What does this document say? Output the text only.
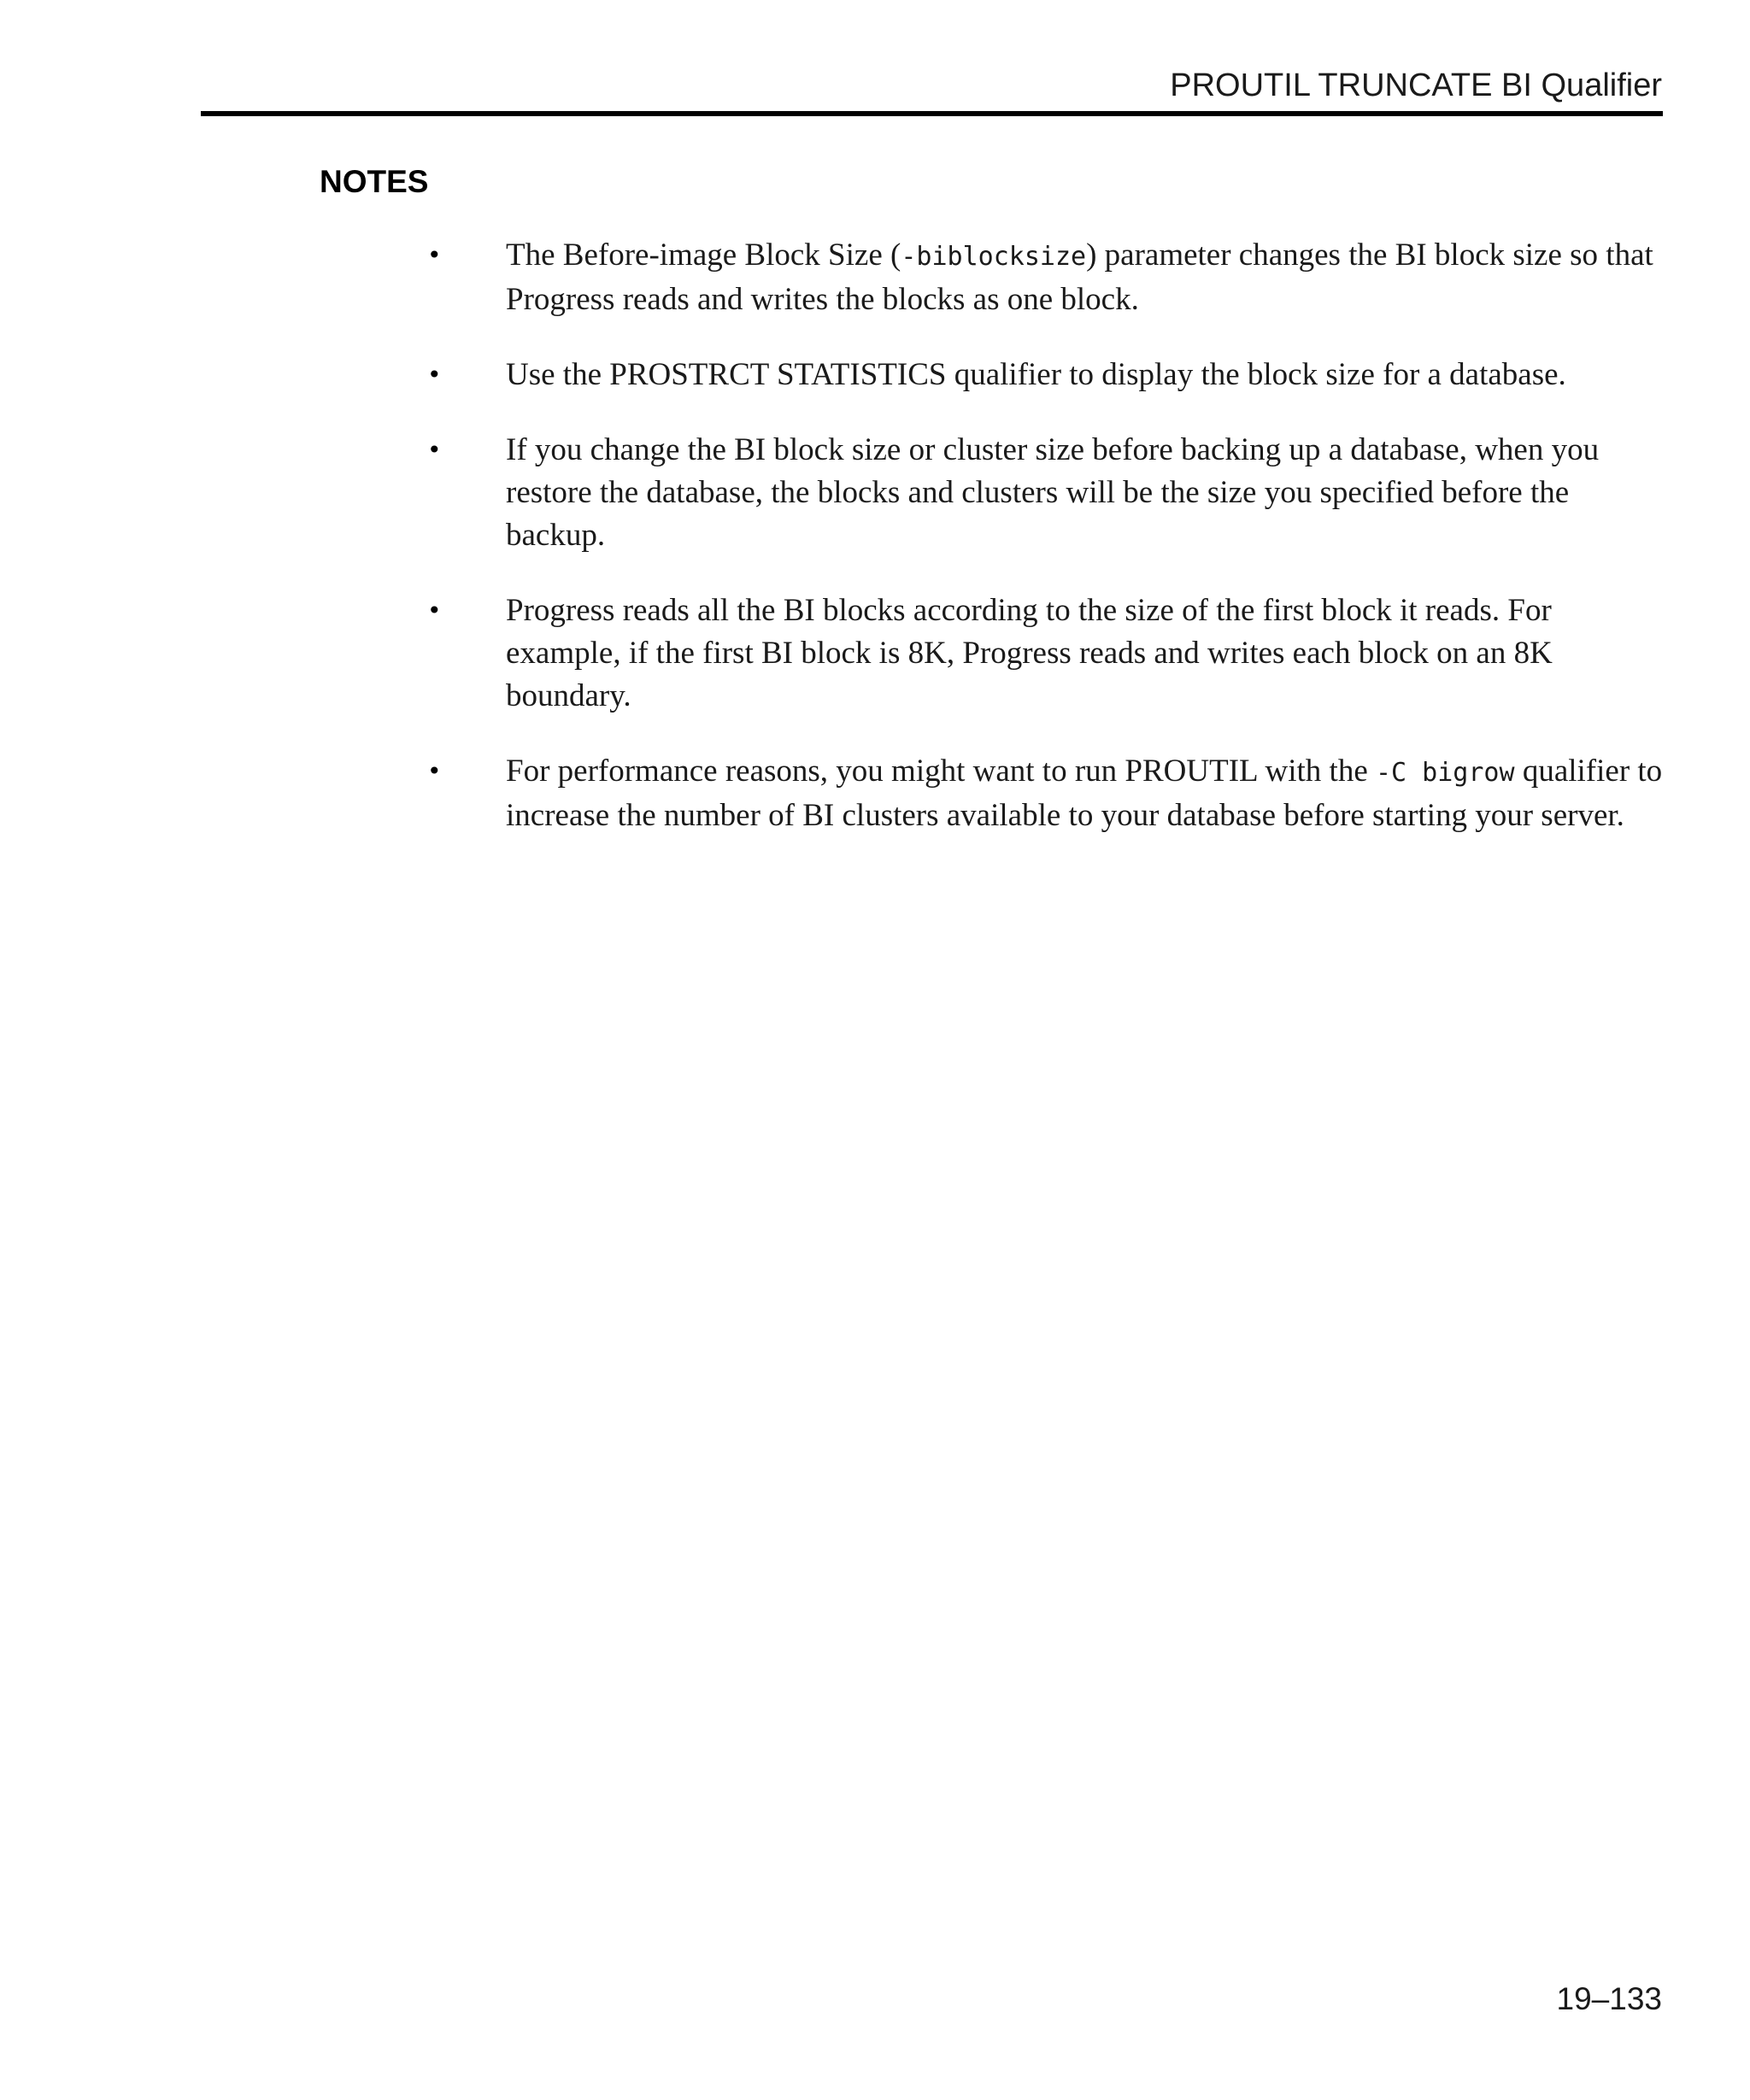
PROUTIL TRUNCATE BI Qualifier
NOTES
•	The Before-image Block Size (-biblocksize) parameter changes the BI block size so that Progress reads and writes the blocks as one block.
•	Use the PROSTRCT STATISTICS qualifier to display the block size for a database.
•	If you change the BI block size or cluster size before backing up a database, when you restore the database, the blocks and clusters will be the size you specified before the backup.
•	Progress reads all the BI blocks according to the size of the first block it reads. For example, if the first BI block is 8K, Progress reads and writes each block on an 8K boundary.
•	For performance reasons, you might want to run PROUTIL with the -C bigrow qualifier to increase the number of BI clusters available to your database before starting your server.
19–133
